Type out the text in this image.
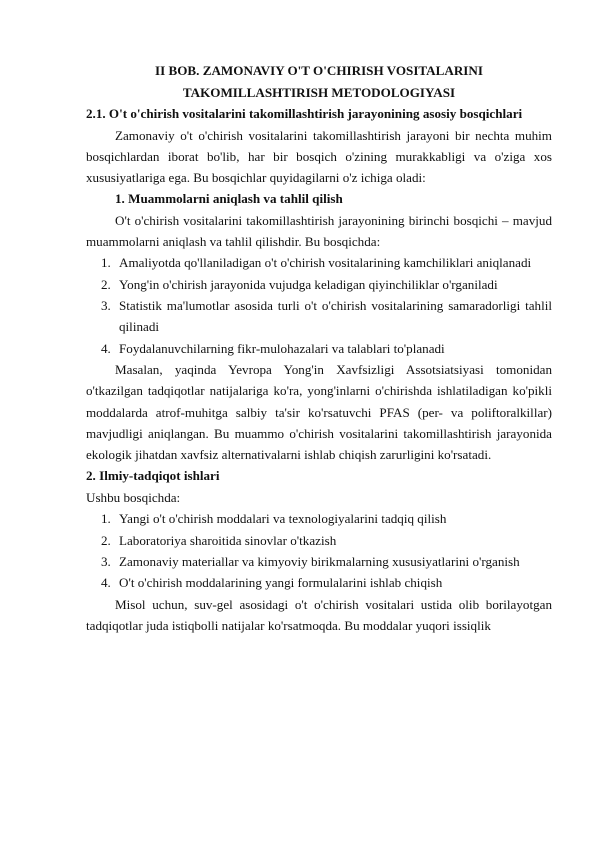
II BOB. ZAMONAVIY O'T O'CHIRISH VOSITALARINI
TAKOMILLASHTIRISH METODOLOGIYASI
2.1. O't o'chirish vositalarini takomillashtirish jarayonining asosiy bosqichlari

Zamonaviy o't o'chirish vositalarini takomillashtirish jarayoni bir nechta muhim bosqichlardan iborat bo'lib, har bir bosqich o'zining murakkabligi va o'ziga xos xususiyatlariga ega. Bu bosqichlar quyidagilarni o'z ichiga oladi:

1. Muammolarni aniqlash va tahlil qilish

O't o'chirish vositalarini takomillashtirish jarayonining birinchi bosqichi – mavjud muammolarni aniqlash va tahlil qilishdir. Bu bosqichda:

1. Amaliyotda qo'llaniladigan o't o'chirish vositalarining kamchiliklari aniqlanadi
2. Yong'in o'chirish jarayonida vujudga keladigan qiyinchiliklar o'rganiladi
3. Statistik ma'lumotlar asosida turli o't o'chirish vositalarining samaradorligi tahlil qilinadi
4. Foydalanuvchilarning fikr-mulohazalari va talablari to'planadi

Masalan, yaqinda Yevropa Yong'in Xavfsizligi Assotsiatsiyasi tomonidan o'tkazilgan tadqiqotlar natijalariga ko'ra, yong'inlarni o'chirishda ishlatiladigan ko'pikli moddalarda atrof-muhitga salbiy ta'sir ko'rsatuvchi PFAS (per- va poliftoralkillar) mavjudligi aniqlangan. Bu muammo o'chirish vositalarini takomillashtirish jarayonida ekologik jihatdan xavfsiz alternativalarni ishlab chiqish zarurligini ko'rsatadi.

2. Ilmiy-tadqiqot ishlari

Ushbu bosqichda:

1. Yangi o't o'chirish moddalari va texnologiyalarini tadqiq qilish
2. Laboratoriya sharoitida sinovlar o'tkazish
3. Zamonaviy materiallar va kimyoviy birikmalarning xususiyatlarini o'rganish
4. O't o'chirish moddalarining yangi formulalarini ishlab chiqish

Misol uchun, suv-gel asosidagi o't o'chirish vositalari ustida olib borilayotgan tadqiqotlar juda istiqbolli natijalar ko'rsatmoqda. Bu moddalar yuqori issiqlik
